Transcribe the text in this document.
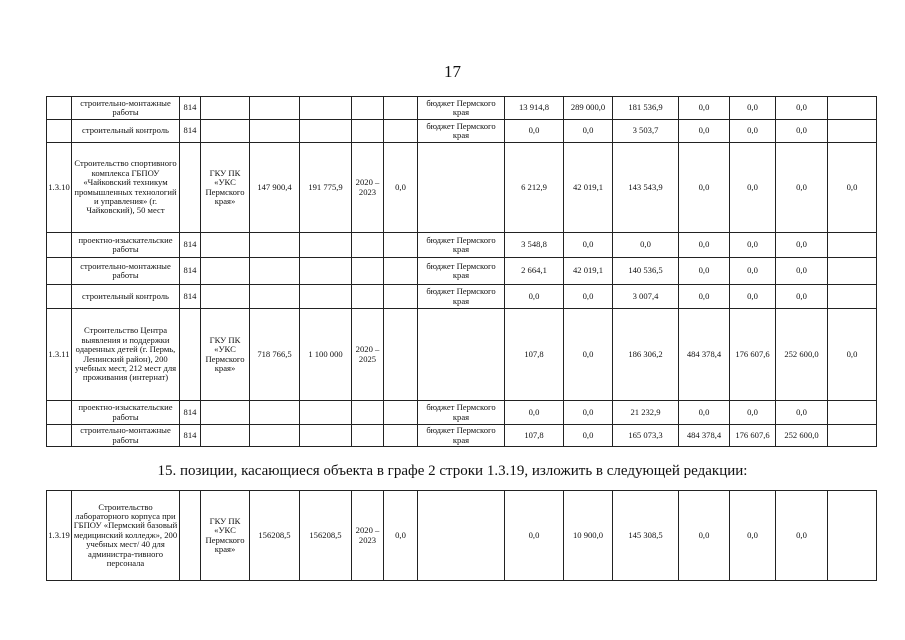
17
	строительно-монтажные работы	814						бюджет Пермского края	13 914,8	289 000,0	181 536,9	0,0	0,0	0,0	
	строительный контроль	814						бюджет Пермского края	0,0	0,0	3 503,7	0,0	0,0	0,0	
1.3.10	Строительство спортивного комплекса ГБПОУ «Чайковский техникум промышленных технологий и управления» (г. Чайковский), 50 мест		ГКУ ПК «УКС Пермского края»	147 900,4	191 775,9	2020 – 2023	0,0		6 212,9	42 019,1	143 543,9	0,0	0,0	0,0	0,0
	проектно-изыскательские работы	814						бюджет Пермского края	3 548,8	0,0	0,0	0,0	0,0	0,0	
	строительно-монтажные работы	814						бюджет Пермского края	2 664,1	42 019,1	140 536,5	0,0	0,0	0,0	
	строительный контроль	814						бюджет Пермского края	0,0	0,0	3 007,4	0,0	0,0	0,0	
1.3.11	Строительство Центра выявления и поддержки одаренных детей (г. Пермь, Ленинский район), 200 учебных мест, 212 мест для проживания (интернат)		ГКУ ПК «УКС Пермского края»	718 766,5	1 100 000	2020 – 2025			107,8	0,0	186 306,2	484 378,4	176 607,6	252 600,0	0,0
	проектно-изыскательские работы	814						бюджет Пермского края	0,0	0,0	21 232,9	0,0	0,0	0,0	
	строительно-монтажные работы	814						бюджет Пермского края	107,8	0,0	165 073,3	484 378,4	176 607,6	252 600,0	
15. позиции, касающиеся объекта в графе 2 строки 1.3.19, изложить в следующей редакции:
1.3.19	Строительство лабораторного корпуса при ГБПОУ «Пермский базовый медицинский колледж», 200 учебных мест/ 40 для администра-тивного персонала		ГКУ ПК «УКС Пермского края»	156208,5	156208,5	2020 – 2023	0,0		0,0	10 900,0	145 308,5	0,0	0,0	0,0	
